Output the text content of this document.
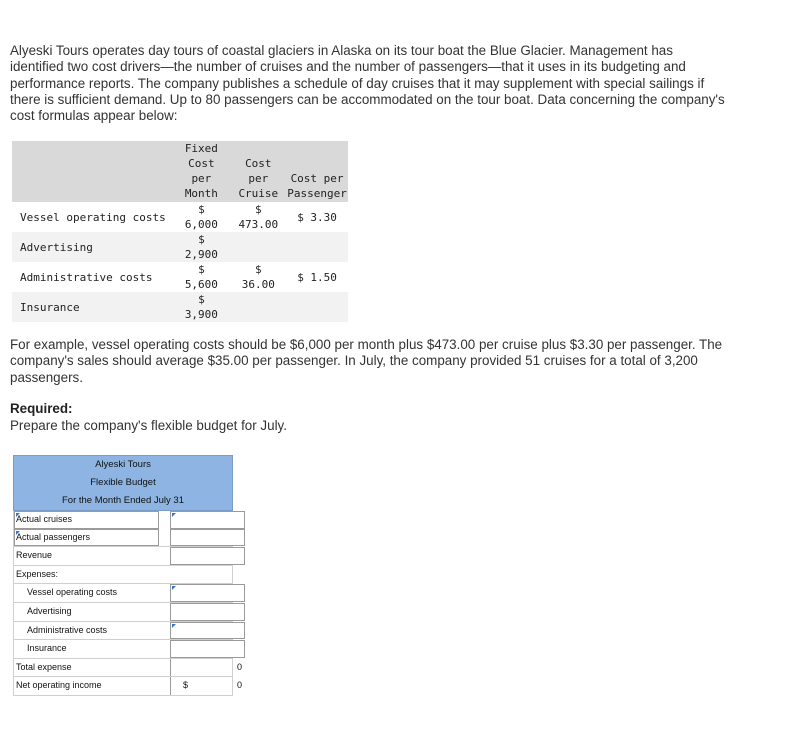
Alyeski Tours operates day tours of coastal glaciers in Alaska on its tour boat the Blue Glacier. Management has identified two cost drivers—the number of cruises and the number of passengers—that it uses in its budgeting and performance reports. The company publishes a schedule of day cruises that it may supplement with special sailings if there is sufficient demand. Up to 80 passengers can be accommodated on the tour boat. Data concerning the company's cost formulas appear below:

	Fixed Cost per Month	Cost per Cruise	Cost per Passenger
Vessel operating costs	$ 6,000	$ 473.00	$ 3.30
Advertising	$ 2,900		
Administrative costs	$ 5,600	$ 36.00	$ 1.50
Insurance	$ 3,900		

For example, vessel operating costs should be $6,000 per month plus $473.00 per cruise plus $3.30 per passenger. The company's sales should average $35.00 per passenger. In July, the company provided 51 cruises for a total of 3,200 passengers.

Required:

Prepare the company's flexible budget for July.

Alyeski Tours
Flexible Budget
For the Month Ended July 31
Actual cruises
Actual passengers
Revenue
Expenses:
Vessel operating costs
Advertising
Administrative costs
Insurance
Total expense	0
Net operating income	$	0
